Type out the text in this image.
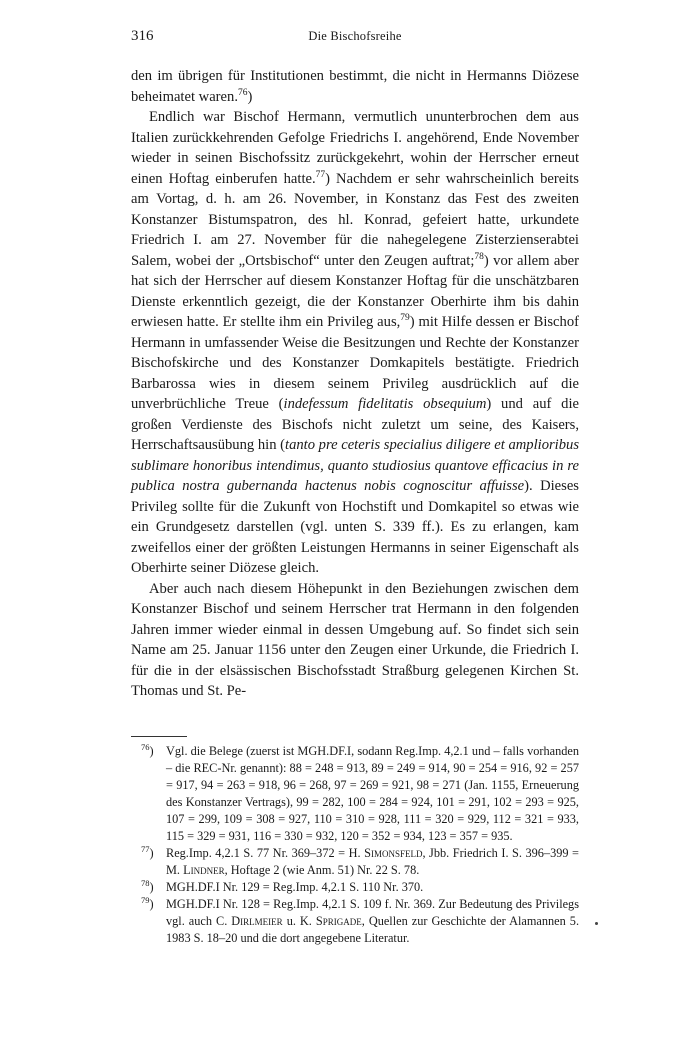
316	Die Bischofsreihe

den im übrigen für Institutionen bestimmt, die nicht in Hermanns Diözese beheimatet waren.$^{76}$)

Endlich war Bischof Hermann, vermutlich ununterbrochen dem aus Italien zurückkehrenden Gefolge Friedrichs I. angehörend, Ende November wieder in seinen Bischofssitz zurückgekehrt, wohin der Herrscher erneut einen Hoftag einberufen hatte.$^{77}$) Nachdem er sehr wahrscheinlich bereits am Vortag, d. h. am 26. November, in Konstanz das Fest des zweiten Konstanzer Bistumspatron, des hl. Konrad, gefeiert hatte, urkundete Friedrich I. am 27. November für die nahegelegene Zisterzienserabtei Salem, wobei der „Ortsbischof“ unter den Zeugen auftrat;$^{78}$) vor allem aber hat sich der Herrscher auf diesem Konstanzer Hoftag für die unschätzbaren Dienste erkenntlich gezeigt, die der Konstanzer Oberhirte ihm bis dahin erwiesen hatte. Er stellte ihm ein Privileg aus,$^{79}$) mit Hilfe dessen er Bischof Hermann in umfassender Weise die Besitzungen und Rechte der Konstanzer Bischofskirche und des Konstanzer Domkapitels bestätigte. Friedrich Barbarossa wies in diesem seinem Privileg ausdrücklich auf die unverbrüchliche Treue (indefessum fidelitatis obsequium) und auf die großen Verdienste des Bischofs nicht zuletzt um seine, des Kaisers, Herrschaftsausübung hin (tanto pre ceteris specialius diligere et amplioribus sublimare honoribus intendimus, quanto studiosius quantove efficacius in re publica nostra gubernanda hactenus nobis cognoscitur affuisse). Dieses Privileg sollte für die Zukunft von Hochstift und Domkapitel so etwas wie ein Grundgesetz darstellen (vgl. unten S. 339 ff.). Es zu erlangen, kam zweifellos einer der größten Leistungen Hermanns in seiner Eigenschaft als Oberhirte seiner Diözese gleich.

Aber auch nach diesem Höhepunkt in den Beziehungen zwischen dem Konstanzer Bischof und seinem Herrscher trat Hermann in den folgenden Jahren immer wieder einmal in dessen Umgebung auf. So findet sich sein Name am 25. Januar 1156 unter den Zeugen einer Urkunde, die Friedrich I. für die in der elsässischen Bischofsstadt Straßburg gelegenen Kirchen St. Thomas und St. Pe-

$^{76}$) Vgl. die Belege (zuerst ist MGH.DF.I, sodann Reg.Imp. 4,2.1 und – falls vorhanden – die REC-Nr. genannt): 88 = 248 = 913, 89 = 249 = 914, 90 = 254 = 916, 92 = 257 = 917, 94 = 263 = 918, 96 = 268, 97 = 269 = 921, 98 = 271 (Jan. 1155, Erneuerung des Konstanzer Vertrags), 99 = 282, 100 = 284 = 924, 101 = 291, 102 = 293 = 925, 107 = 299, 109 = 308 = 927, 110 = 310 = 928, 111 = 320 = 929, 112 = 321 = 933, 115 = 329 = 931, 116 = 330 = 932, 120 = 352 = 934, 123 = 357 = 935.

$^{77}$) Reg.Imp. 4,2.1 S. 77 Nr. 369–372 = H. Simonsfeld, Jbb. Friedrich I. S. 396–399 = M. Lindner, Hoftage 2 (wie Anm. 51) Nr. 22 S. 78.

$^{78}$) MGH.DF.I Nr. 129 = Reg.Imp. 4,2.1 S. 110 Nr. 370.

$^{79}$) MGH.DF.I Nr. 128 = Reg.Imp. 4,2.1 S. 109 f. Nr. 369. Zur Bedeutung des Privilegs vgl. auch C. Dirlmeier u. K. Sprigade, Quellen zur Geschichte der Alamannen 5. 1983 S. 18–20 und die dort angegebene Literatur.
